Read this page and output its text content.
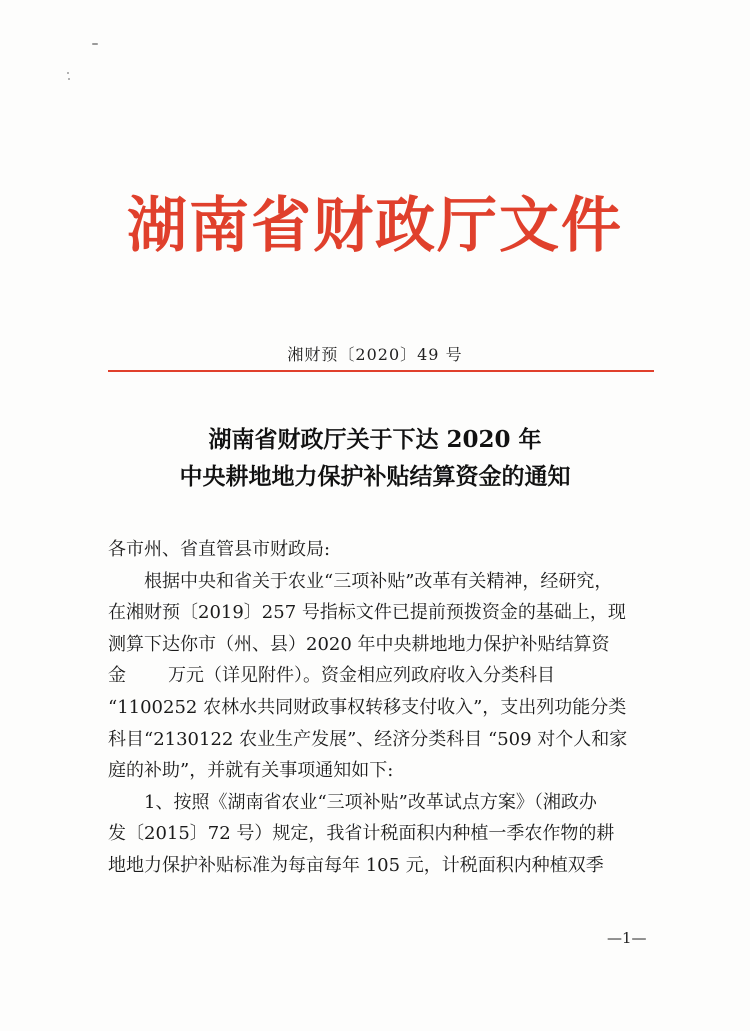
湖南省财政厅文件
湘财预〔2020〕49 号
湖南省财政厅关于下达 2020 年
中央耕地地力保护补贴结算资金的通知

各市州、省直管县市财政局:

根据中央和省关于农业“三项补贴”改革有关精神，经研究，

在湘财预〔2019〕257 号指标文件已提前预拨资金的基础上，现

测算下达你市（州、县）2020 年中央耕地地力保护补贴结算资

金 万元（详见附件）。资金相应列政府收入分类科目

“1100252 农林水共同财政事权转移支付收入”，支出列功能分类

科目“2130122 农业生产发展”、经济分类科目 “509 对个人和家

庭的补助”，并就有关事项通知如下:

1、按照《湖南省农业“三项补贴”改革试点方案》（湘政办

发〔2015〕72 号）规定，我省计税面积内种植一季农作物的耕

地地力保护补贴标准为每亩每年 105 元，计税面积内种植双季

—1—
